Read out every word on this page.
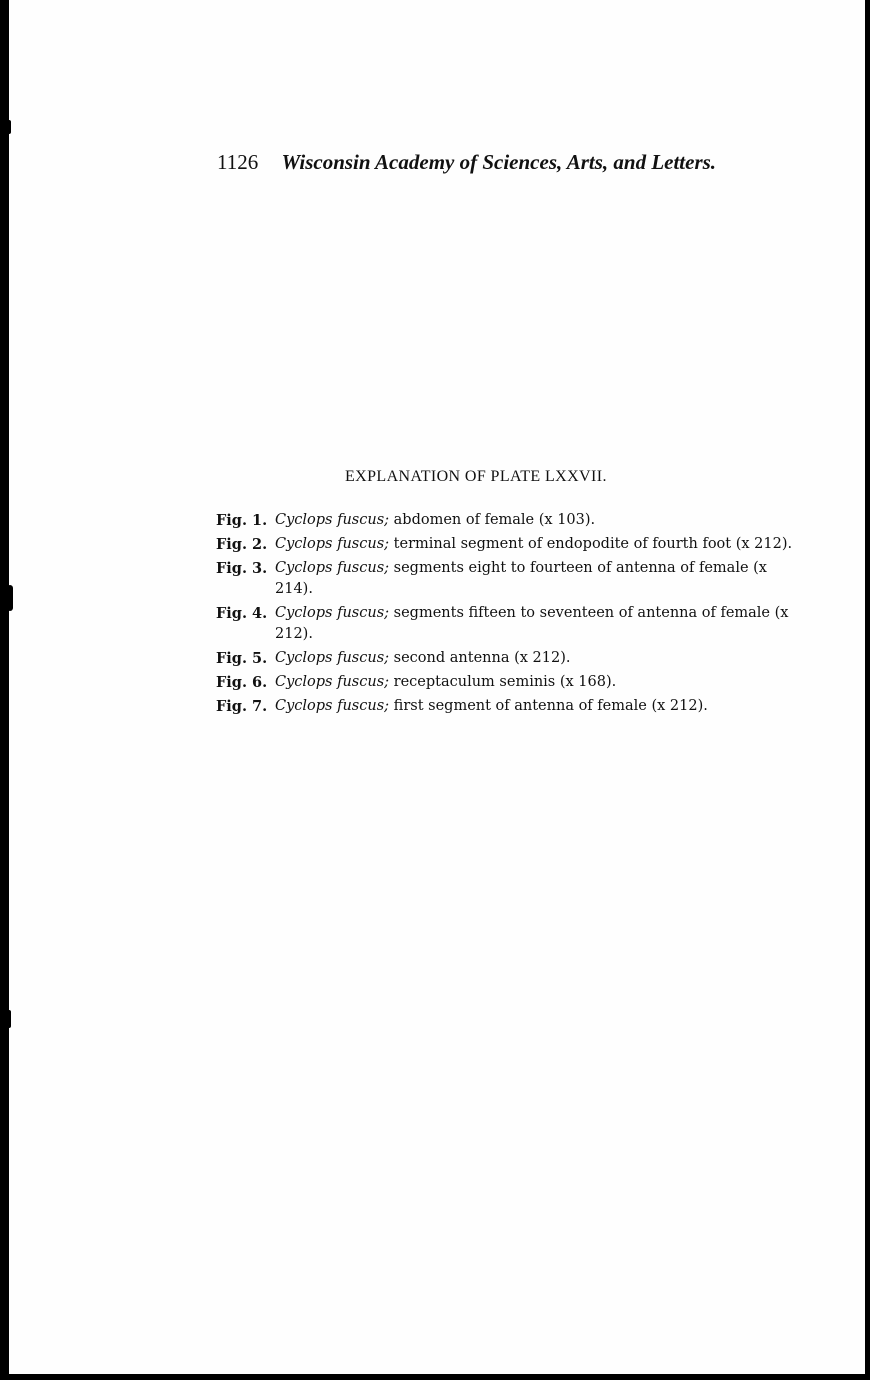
1126 Wisconsin Academy of Sciences, Arts, and Letters.
EXPLANATION OF PLATE LXXVII.
Fig. 1. Cyclops fuscus; abdomen of female (x 103).
Fig. 2. Cyclops fuscus; terminal segment of endopodite of fourth foot (x 212).
Fig. 3. Cyclops fuscus; segments eight to fourteen of antenna of female (x 214).
Fig. 4. Cyclops fuscus; segments fifteen to seventeen of antenna of female (x 212).
Fig. 5. Cyclops fuscus; second antenna (x 212).
Fig. 6. Cyclops fuscus; receptaculum seminis (x 168).
Fig. 7. Cyclops fuscus; first segment of antenna of female (x 212).
